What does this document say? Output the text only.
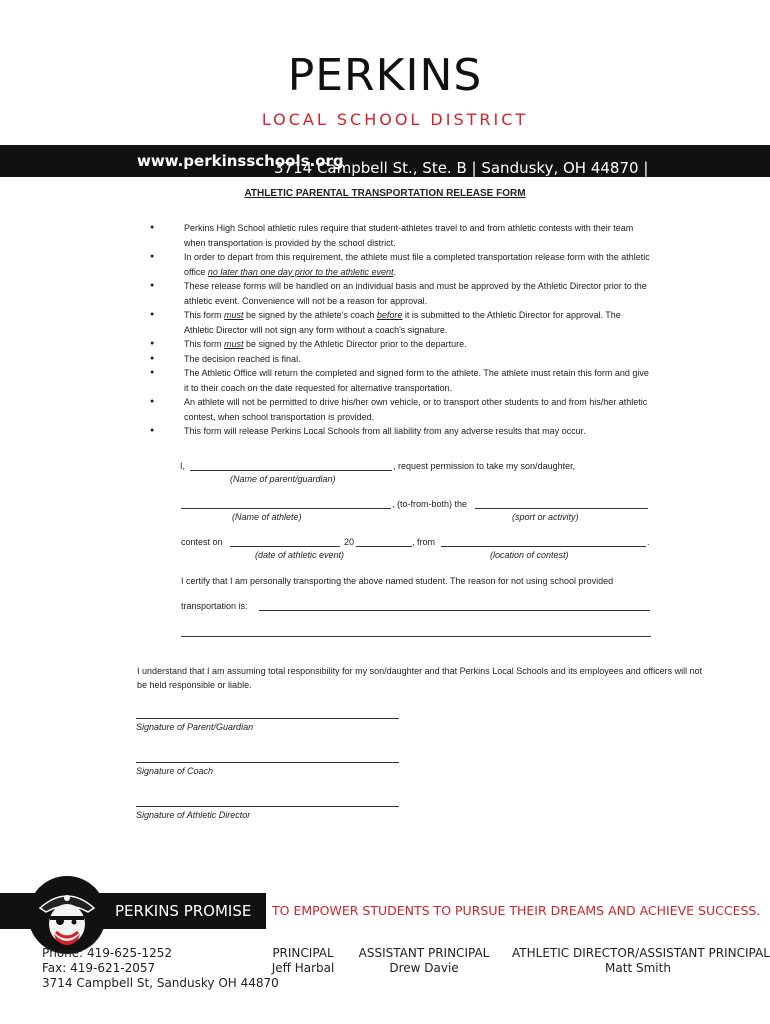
PERKINS
LOCAL SCHOOL DISTRICT
3714 Campbell St., Ste. B | Sandusky, OH 44870 |
www.perkinsschools.org
ATHLETIC PARENTAL TRANSPORTATION RELEASE FORM
● Perkins High School athletic rules require that student-athletes travel to and from athletic contests with their team when transportation is provided by the school district.
● In order to depart from this requirement, the athlete must file a completed transportation release form with the athletic office no later than one day prior to the athletic event.
● These release forms will be handled on an individual basis and must be approved by the Athletic Director prior to the athletic event. Convenience will not be a reason for approval.
● This form must be signed by the athlete's coach before it is submitted to the Athletic Director for approval. The Athletic Director will not sign any form without a coach's signature.
● This form must be signed by the Athletic Director prior to the departure.
● The decision reached is final.
● The Athletic Office will return the completed and signed form to the athlete. The athlete must retain this form and give it to their coach on the date requested for alternative transportation.
● An athlete will not be permitted to drive his/her own vehicle, or to transport other students to and from his/her athletic contest, when school transportation is provided.
● This form will release Perkins Local Schools from all liability from any adverse results that may occur.
I,	, request permission to take my son/daughter,
(Name of parent/guardian)
, (to-from-both) the
(Name of athlete)	(sport or activity)
contest on	20	, from	.
(date of athletic event)	(location of contest)
I certify that I am personally transporting the above named student. The reason for not using school provided
transportation is:
I understand that I am assuming total responsibility for my son/daughter and that Perkins Local Schools and its employees and officers will not be held responsible or liable.
Signature of Parent/Guardian
Signature of Coach
Signature of Athletic Director
PERKINS PROMISE TO EMPOWER STUDENTS TO PURSUE THEIR DREAMS AND ACHIEVE SUCCESS.
Phone: 419-625-1252
Fax: 419-621-2057
3714 Campbell St, Sandusky OH 44870
PRINCIPAL
Jeff Harbal
ASSISTANT PRINCIPAL
Drew Davie
ATHLETIC DIRECTOR/ASSISTANT PRINCIPAL
Matt Smith
